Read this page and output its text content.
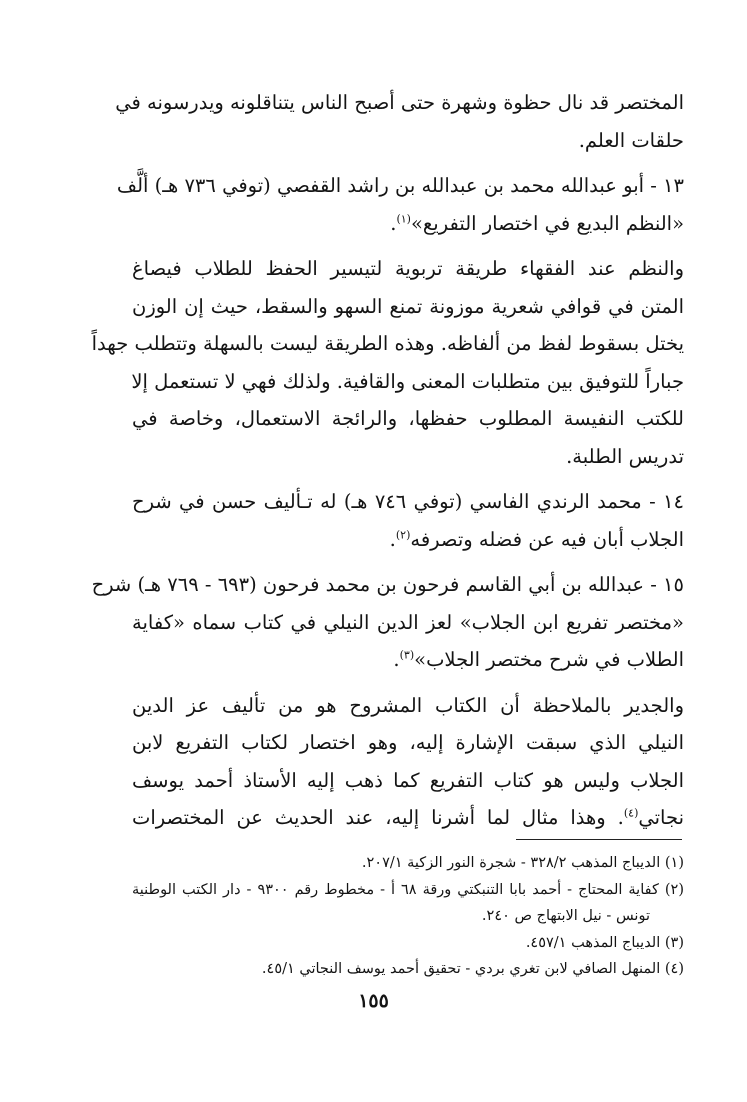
المختصر قد نال حظوة وشهرة حتى أصبح الناس يتناقلونه ويدرسونه في
حلقات العلم.
١٣ - أبو عبدالله محمد بن عبدالله بن راشد القفصي (توفي ٧٣٦ هـ) ألَّف
«النظم البديع في اختصار التفريع»$^{(١)}$.
والنظم عند الفقهاء طريقة تربوية لتيسير الحفظ للطلاب فيصاغ
المتن في قوافي شعرية موزونة تمنع السهو والسقط، حيث إن الوزن
يختل بسقوط لفظ من ألفاظه. وهذه الطريقة ليست بالسهلة وتتطلب جهداً
جباراً للتوفيق بين متطلبات المعنى والقافية. ولذلك فهي لا تستعمل إلا
للكتب النفيسة المطلوب حفظها، والرائجة الاستعمال، وخاصة في
تدريس الطلبة.
١٤ - محمد الرندي الفاسي (توفي ٧٤٦ هـ) له تـأليف حسن في شرح
الجلاب أبان فيه عن فضله وتصرفه$^{(٢)}$.
١٥ - عبدالله بن أبي القاسم فرحون بن محمد فرحون (٦٩٣ - ٧٦٩ هـ) شرح
«مختصر تفريع ابن الجلاب» لعز الدين النيلي في كتاب سماه «كفاية
الطلاب في شرح مختصر الجلاب»$^{(٣)}$.
والجدير بالملاحظة أن الكتاب المشروح هو من تأليف عز الدين
النيلي الذي سبقت الإشارة إليه، وهو اختصار لكتاب التفريع لابن
الجلاب وليس هو كتاب التفريع كما ذهب إليه الأستاذ أحمد يوسف
نجاتي$^{(٤)}$. وهذا مثال لما أشرنا إليه، عند الحديث عن المختصرات
(١) الديباج المذهب ٣٢٨/٢ - شجرة النور الزكية ٢٠٧/١.
(٢) كفاية المحتاج - أحمد بابا التنبكتي ورقة ٦٨ أ - مخطوط رقم ٩٣٠٠ - دار الكتب الوطنية
تونس - نيل الابتهاج ص ٢٤٠.
(٣) الديباج المذهب ٤٥٧/١.
(٤) المنهل الصافي لابن تغري بردي - تحقيق أحمد يوسف النجاتي ٤٥/١.
١٥٥
